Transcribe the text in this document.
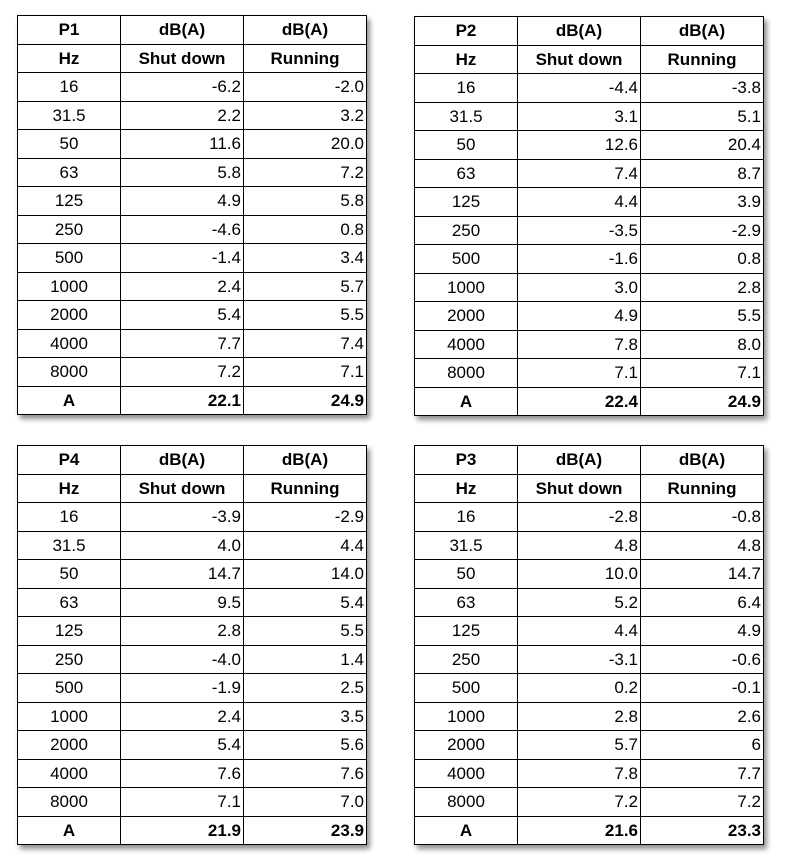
P1	dB(A)	dB(A)
Hz	Shut down	Running
16	-6.2	-2.0
31.5	2.2	3.2
50	11.6	20.0
63	5.8	7.2
125	4.9	5.8
250	-4.6	0.8
500	-1.4	3.4
1000	2.4	5.7
2000	5.4	5.5
4000	7.7	7.4
8000	7.2	7.1
A	22.1	24.9
P2	dB(A)	dB(A)
Hz	Shut down	Running
16	-4.4	-3.8
31.5	3.1	5.1
50	12.6	20.4
63	7.4	8.7
125	4.4	3.9
250	-3.5	-2.9
500	-1.6	0.8
1000	3.0	2.8
2000	4.9	5.5
4000	7.8	8.0
8000	7.1	7.1
A	22.4	24.9
P4	dB(A)	dB(A)
Hz	Shut down	Running
16	-3.9	-2.9
31.5	4.0	4.4
50	14.7	14.0
63	9.5	5.4
125	2.8	5.5
250	-4.0	1.4
500	-1.9	2.5
1000	2.4	3.5
2000	5.4	5.6
4000	7.6	7.6
8000	7.1	7.0
A	21.9	23.9
P3	dB(A)	dB(A)
Hz	Shut down	Running
16	-2.8	-0.8
31.5	4.8	4.8
50	10.0	14.7
63	5.2	6.4
125	4.4	4.9
250	-3.1	-0.6
500	0.2	-0.1
1000	2.8	2.6
2000	5.7	6
4000	7.8	7.7
8000	7.2	7.2
A	21.6	23.3
